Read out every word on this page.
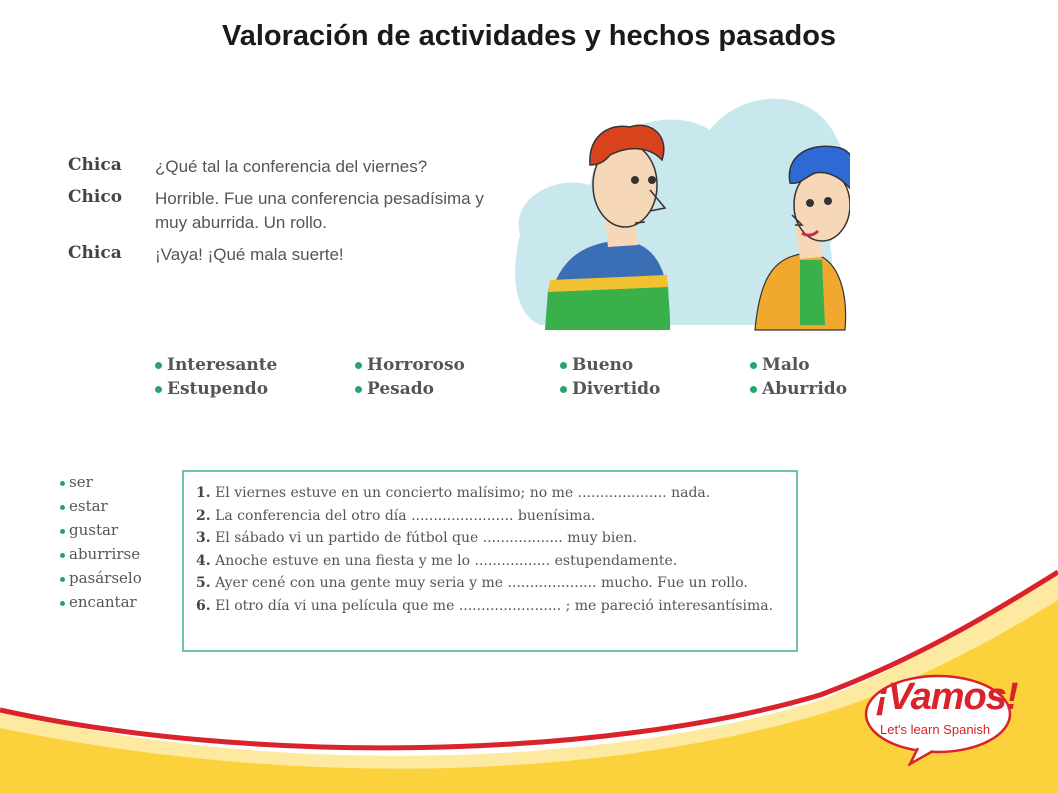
Valoración de actividades y hechos pasados
Chica	¿Qué tal la conferencia del viernes?
Chico	Horrible. Fue una conferencia pesadísima y muy aburrida. Un rollo.
Chica	¡Vaya! ¡Qué mala suerte!
Interesante	Horroroso	Bueno	Malo
Estupendo	Pesado	Divertido	Aburrido
ser
estar
gustar
aburrirse
pasárselo
encantar
1. El viernes estuve en un concierto malísimo; no me .................... nada.
2. La conferencia del otro día ....................... buenísima.
3. El sábado vi un partido de fútbol que .................. muy bien.
4. Anoche estuve en una fiesta y me lo ................. estupendamente.
5. Ayer cené con una gente muy seria y me .................... mucho. Fue un rollo.
6. El otro día vi una película que me ....................... ; me pareció interesantísima.
¡Vamos!
Let's learn Spanish
